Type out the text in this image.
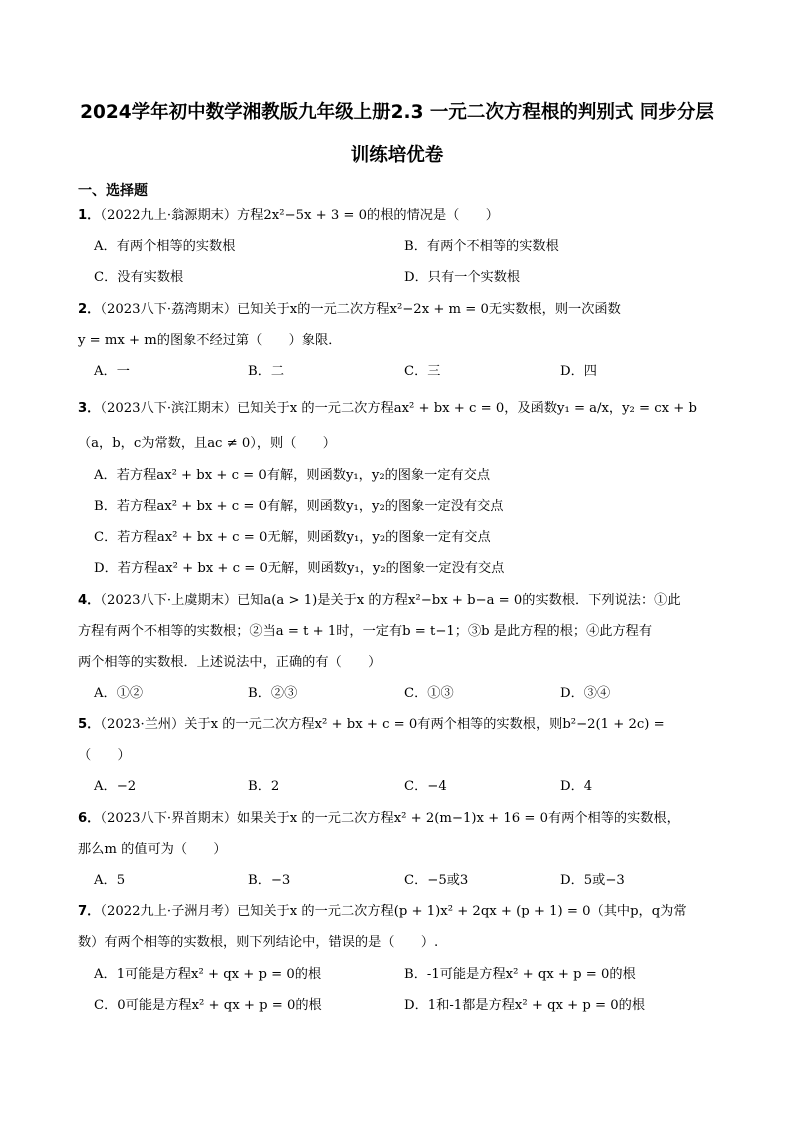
2024学年初中数学湘教版九年级上册2.3 一元二次方程根的判别式 同步分层
训练培优卷
一、选择题
1．（2022九上·翁源期末）方程2x²−5x + 3 = 0的根的情况是（　　）
A．有两个相等的实数根	B．有两个不相等的实数根
C．没有实数根	D．只有一个实数根
2．（2023八下·荔湾期末）已知关于x的一元二次方程x²−2x + m = 0无实数根，则一次函数
y = mx + m的图象不经过第（　　）象限．
A．一	B．二	C．三	D．四
3．（2023八下·滨江期末）已知关于x 的一元二次方程ax² + bx + c = 0，及函数y₁ = a/x，y₂ = cx + b
（a，b，c为常数，且ac ≠ 0），则（　　）
A．若方程ax² + bx + c = 0有解，则函数y₁，y₂的图象一定有交点
B．若方程ax² + bx + c = 0有解，则函数y₁，y₂的图象一定没有交点
C．若方程ax² + bx + c = 0无解，则函数y₁，y₂的图象一定有交点
D．若方程ax² + bx + c = 0无解，则函数y₁，y₂的图象一定没有交点
4．（2023八下·上虞期末）已知a(a > 1)是关于x 的方程x²−bx + b−a = 0的实数根．下列说法：①此
方程有两个不相等的实数根；②当a = t + 1时，一定有b = t−1；③b 是此方程的根；④此方程有
两个相等的实数根．上述说法中，正确的有（　　）
A．①②	B．②③	C．①③	D．③④
5．（2023·兰州）关于x 的一元二次方程x² + bx + c = 0有两个相等的实数根，则b²−2(1 + 2c) =
（　　）
A．−2	B．2	C．−4	D．4
6．（2023八下·界首期末）如果关于x 的一元二次方程x² + 2(m−1)x + 16 = 0有两个相等的实数根，
那么m 的值可为（　　）
A．5	B．−3	C．−5或3	D．5或−3
7．（2022九上·子洲月考）已知关于x 的一元二次方程(p + 1)x² + 2qx + (p + 1) = 0（其中p，q为常
数）有两个相等的实数根，则下列结论中，错误的是（　　）.
A．1可能是方程x² + qx + p = 0的根	B．-1可能是方程x² + qx + p = 0的根
C．0可能是方程x² + qx + p = 0的根	D．1和-1都是方程x² + qx + p = 0的根
